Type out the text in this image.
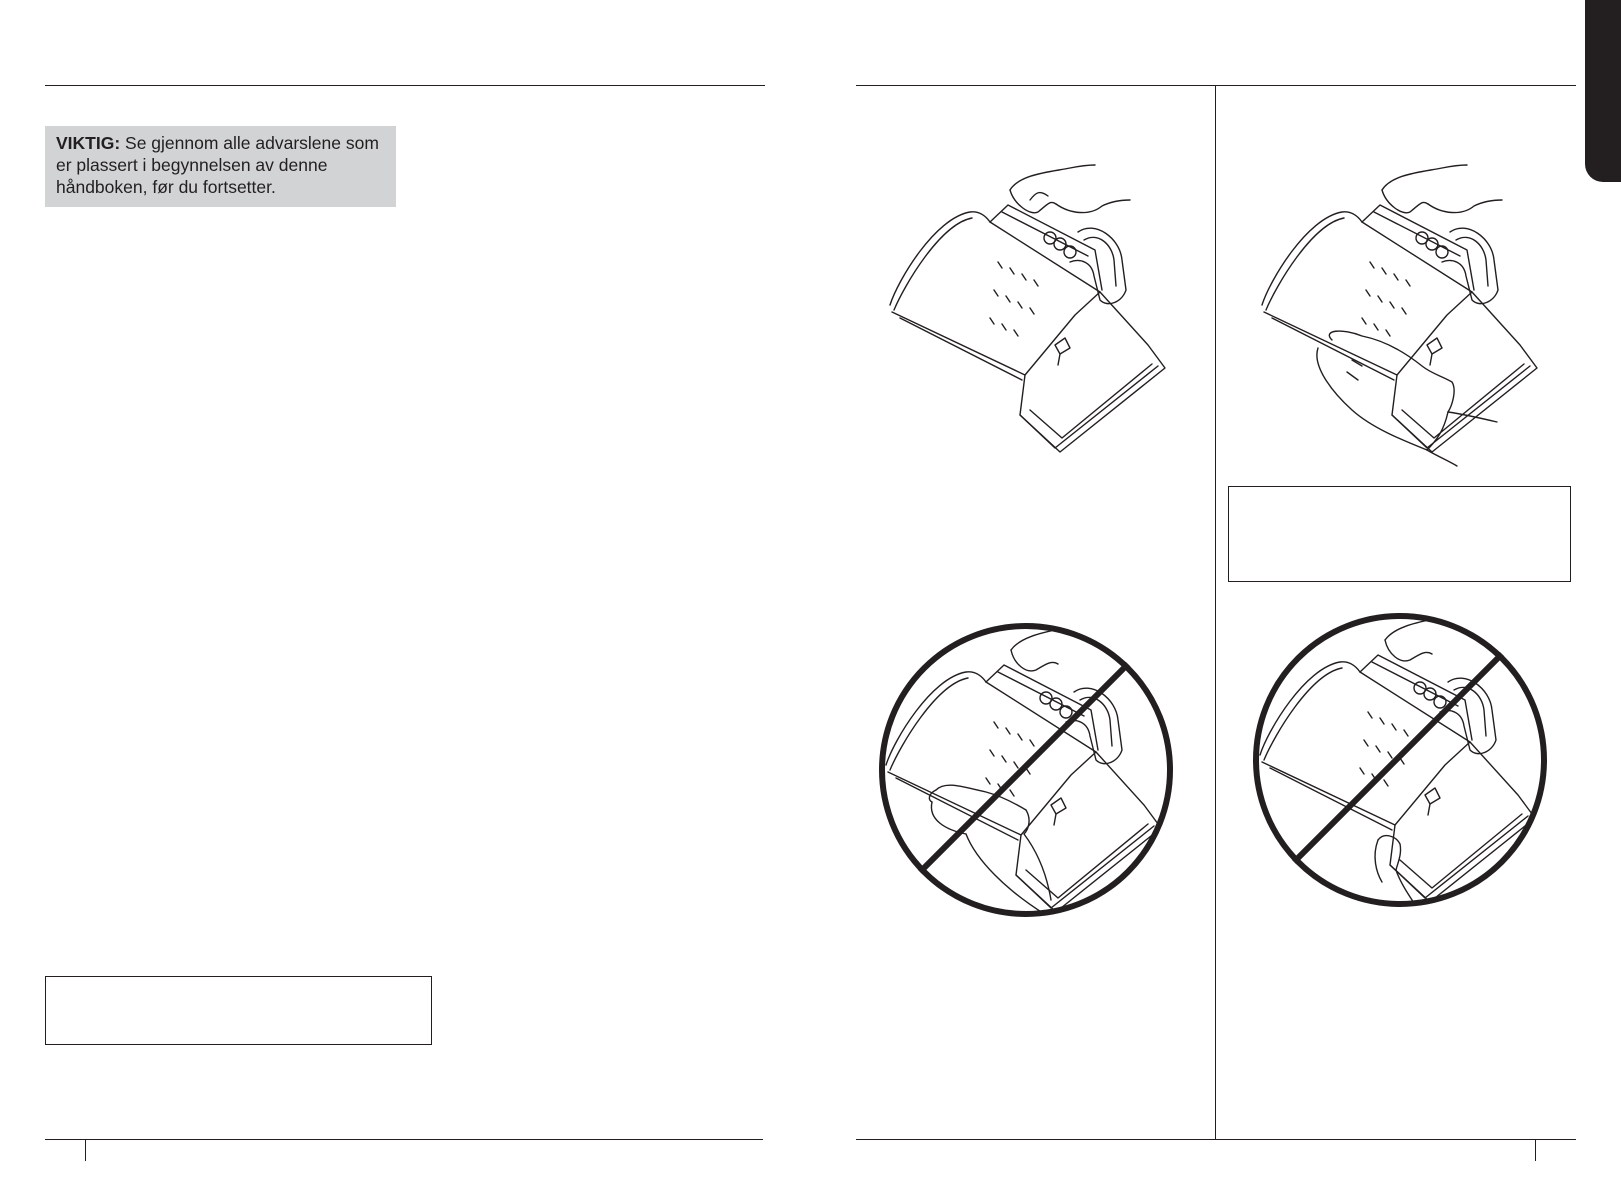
VIKTIG: Se gjennom alle advarslene som er plassert i begynnelsen av denne håndboken, før du fortsetter.
